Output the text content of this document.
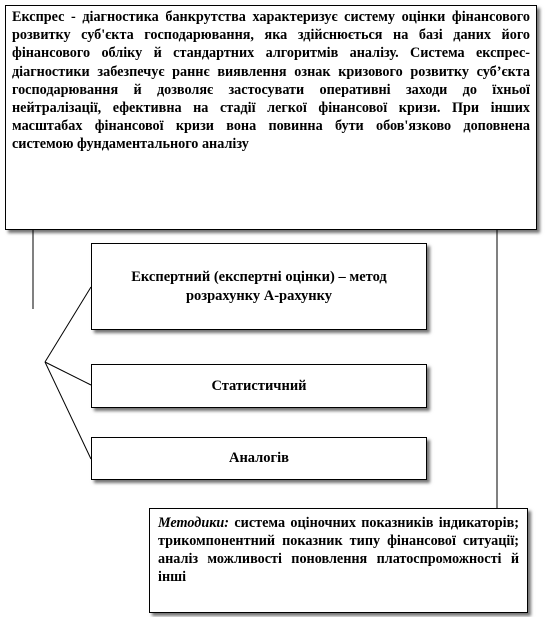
Експрес - діагностика банкрутства характеризує систему оцінки фінансового розвитку суб'єкта господарювання, яка здійснюється на базі даних його фінансового обліку й стандартних алгоритмів аналізу. Система експрес-діагностики забезпечує раннє виявлення ознак кризового розвитку суб’єкта господарювання й дозволяє застосувати оперативні заходи до їхньої нейтралізації, ефективна на стадії легкої фінансової кризи. При інших масштабах фінансової кризи вона повинна бути обов'язково доповнена системою фундаментального аналізу

Експертний (експертні оцінки) – метод розрахунку А-рахунку
Статистичний
Аналогів

Методики: система оціночних показників індикаторів; трикомпонентний показник типу фінансової ситуації; аналіз можливості поновлення платоспроможності й інші
